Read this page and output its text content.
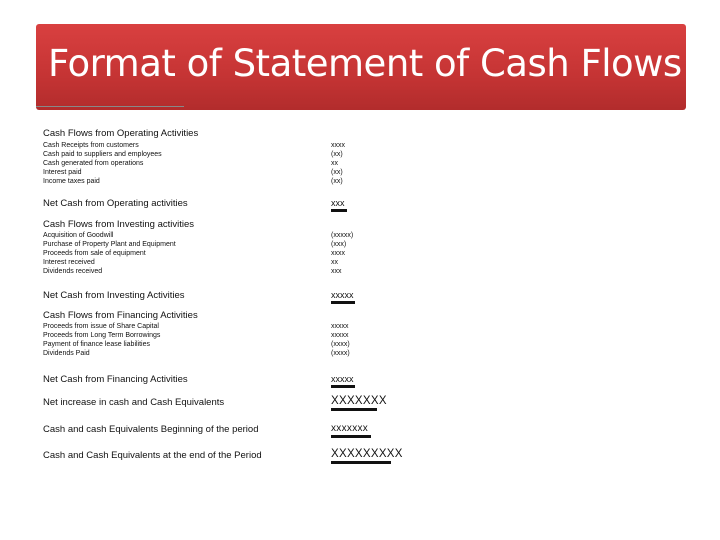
Format of Statement of Cash Flows
Cash Flows from Operating Activities
Cash Receipts from customers	xxxx
Cash paid to suppliers and employees	(xx)
Cash generated from operations	xx
Interest paid	(xx)
Income taxes paid	(xx)
Net Cash from Operating activities	xxx
Cash Flows from Investing activities
Acquisition of Goodwill	(xxxxx)
Purchase of Property Plant and Equipment	(xxx)
Proceeds from sale of equipment	xxxx
Interest received	xx
Dividends received	xxx
Net Cash from Investing Activities	xxxxx
Cash Flows from Financing Activities
Proceeds from issue of Share Capital	xxxxx
Proceeds from Long Term Borrowings	xxxxx
Payment of finance lease liabilities	(xxxx)
Dividends Paid	(xxxx)
Net Cash from Financing Activities	xxxxx
Net increase in cash and Cash Equivalents	XXXXXXX
Cash and cash Equivalents Beginning of the period	xxxxxxx
Cash and Cash Equivalents at the end of the Period	XXXXXXXXX
